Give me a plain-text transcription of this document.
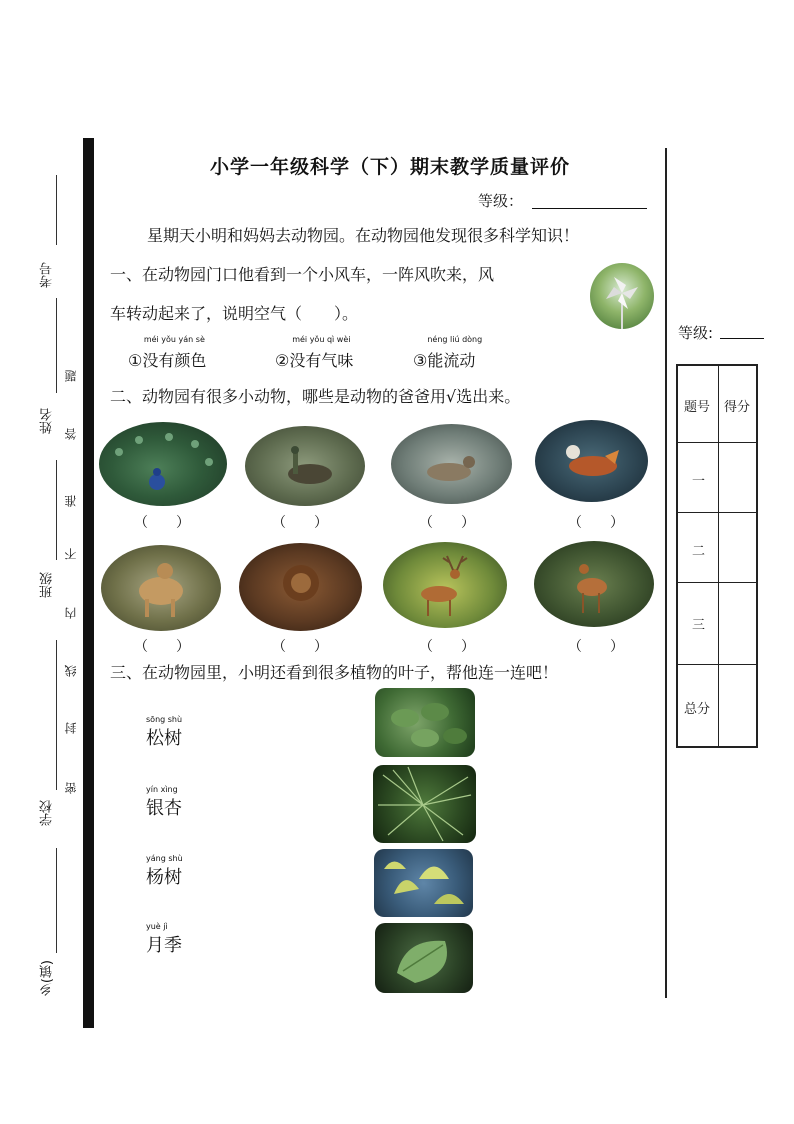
考号
姓名
班级
学校
乡(镇)
题
答
准
不
内
线
封
密
小学一年级科学（下）期末教学质量评价
等级：
星期天小明和妈妈去动物园。在动物园他发现很多科学知识！
一、在动物园门口他看到一个小风车，一阵风吹来，风
车转动起来了，说明空气（　　）。
①
méi yǒu yán sè
没有颜色	②
méi yǒu qì wèi
没有气味	③
néng liú dòng
能流动
二、动物园有很多小动物，哪些是动物的爸爸用√选出来。
（　　）	（　　）	（　　）	（　　）
（　　）	（　　）	（　　）	（　　）
三、在动物园里，小明还看到很多植物的叶子，帮他连一连吧！
sōng shù
松树
yín xìng
银杏
yáng shù
杨树
yuè jì
月季
等级:
题号 得分
一
二
三
总分
